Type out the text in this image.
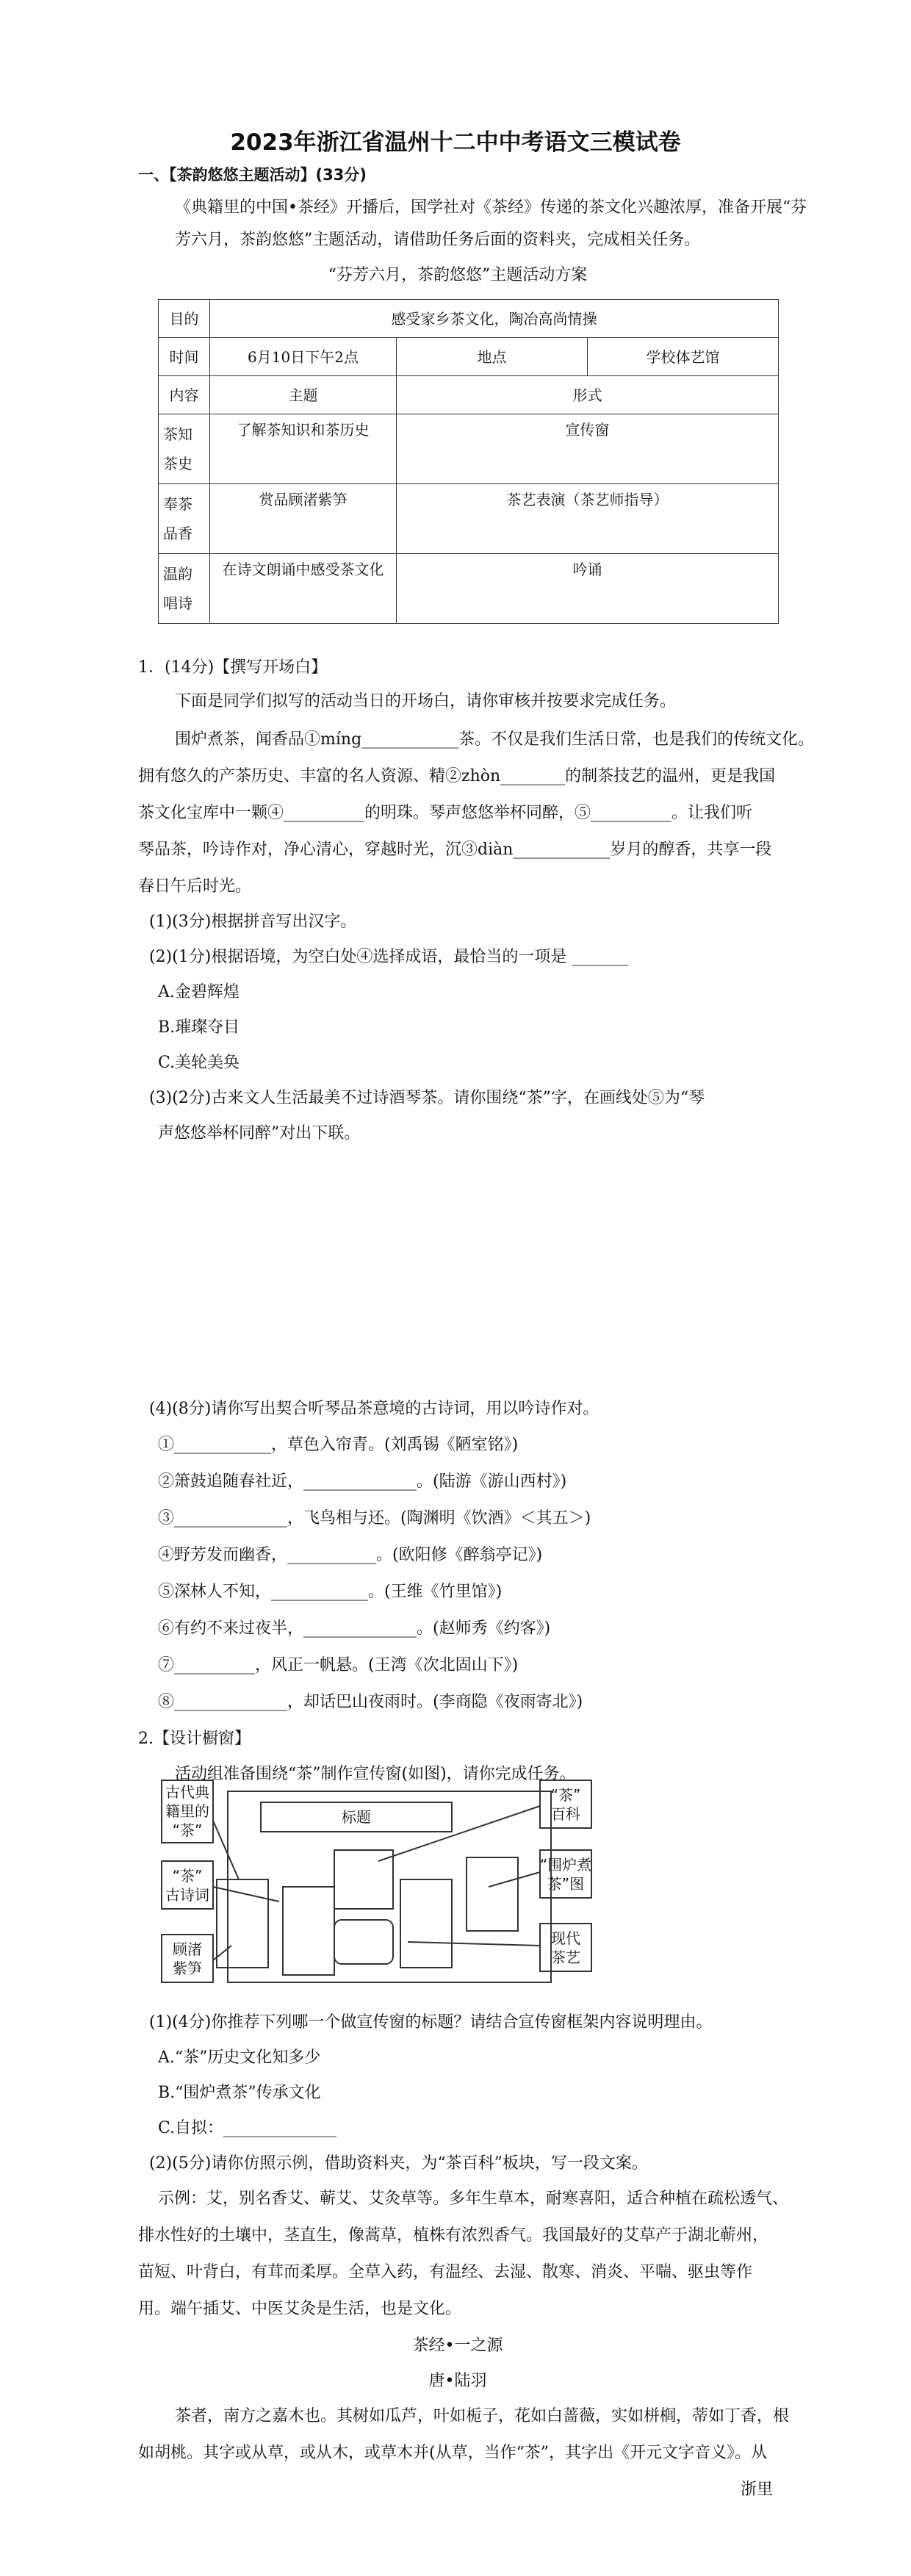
2023年浙江省温州十二中中考语文三模试卷
一、【茶韵悠悠主题活动】(33分)
《典籍里的中国•茶经》开播后，国学社对《茶经》传递的茶文化兴趣浓厚，准备开展“芬
芳六月，茶韵悠悠”主题活动，请借助任务后面的资料夹，完成相关任务。
“芬芳六月，茶韵悠悠”主题活动方案
目的	感受家乡茶文化，陶冶高尚情操		
时间	6月10日下午2点	地点	学校体艺馆
内容	主题	形式	
茶知茶史	了解茶知识和茶历史	宣传窗	
奉茶品香	赏品顾渚紫笋	茶艺表演（茶艺师指导）	
温韵唱诗	在诗文朗诵中感受茶文化	吟诵	
1．(14分)【撰写开场白】
下面是同学们拟写的活动当日的开场白，请你审核并按要求完成任务。
围炉煮茶，闻香品①míng____________茶。不仅是我们生活日常，也是我们的传统文化。
拥有悠久的产茶历史、丰富的名人资源、精②zhòn________的制茶技艺的温州，更是我国
茶文化宝库中一颗④__________的明珠。琴声悠悠举杯同醉，⑤__________。让我们听
琴品茶，吟诗作对，净心清心，穿越时光，沉③diàn____________岁月的醇香，共享一段
春日午后时光。
(1)(3分)根据拼音写出汉字。
(2)(1分)根据语境，为空白处④选择成语，最恰当的一项是 _______
A.金碧辉煌
B.璀璨夺目
C.美轮美奂
(3)(2分)古来文人生活最美不过诗酒琴茶。请你围绕“茶”字，在画线处⑤为“琴
声悠悠举杯同醉”对出下联。
(4)(8分)请你写出契合听琴品茶意境的古诗词，用以吟诗作对。
①____________，草色入帘青。(刘禹锡《陋室铭》)
②箫鼓追随春社近，______________。(陆游《游山西村》)
③______________，飞鸟相与还。(陶渊明《饮酒》＜其五＞)
④野芳发而幽香，___________。(欧阳修《醉翁亭记》)
⑤深林人不知，____________。(王维《竹里馆》)
⑥有约不来过夜半，______________。(赵师秀《约客》)
⑦__________，风正一帆悬。(王湾《次北固山下》)
⑧______________，却话巴山夜雨时。(李商隐《夜雨寄北》)
2.【设计橱窗】
活动组准备围绕“茶”制作宣传窗(如图)，请你完成任务。
标题
古代典
籍里的
“茶”
“茶”
古诗词
顾渚
紫笋
“茶”
百科
“围炉煮
茶”图
现代
茶艺
(1)(4分)你推荐下列哪一个做宣传窗的标题？请结合宣传窗框架内容说明理由。
A.“茶”历史文化知多少
B.“围炉煮茶”传承文化
C.自拟：______________
(2)(5分)请你仿照示例，借助资料夹，为“茶百科”板块，写一段文案。
示例：艾，别名香艾、蕲艾、艾灸草等。多年生草本，耐寒喜阳，适合种植在疏松透气、
排水性好的土壤中，茎直生，像蒿草，植株有浓烈香气。我国最好的艾草产于湖北蕲州，
苗短、叶背白，有茸而柔厚。全草入药，有温经、去湿、散寒、消炎、平喘、驱虫等作
用。端午插艾、中医艾灸是生活，也是文化。
茶经•一之源
唐•陆羽
茶者，南方之嘉木也。其树如瓜芦，叶如栀子，花如白蔷薇，实如栟榈，蒂如丁香，根
如胡桃。其字或从草，或从木，或草木并(从草，当作“茶”，其字出《开元文字音义》。从
浙里
